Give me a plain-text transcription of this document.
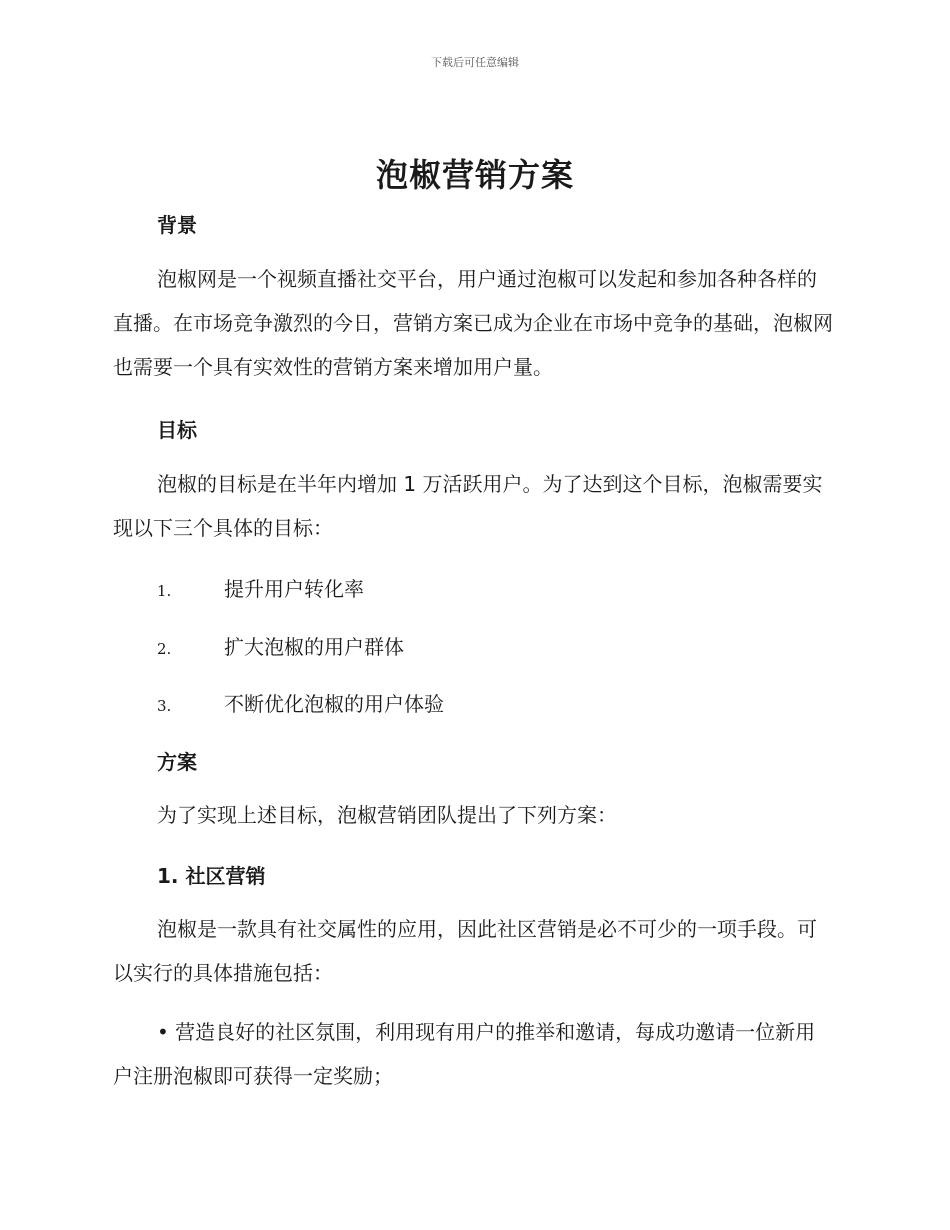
下载后可任意编辑
泡椒营销方案
背景

泡椒网是一个视频直播社交平台，用户通过泡椒可以发起和参加各种各样的直播。在市场竞争激烈的今日，营销方案已成为企业在市场中竞争的基础，泡椒网也需要一个具有实效性的营销方案来增加用户量。

目标

泡椒的目标是在半年内增加 1 万活跃用户。为了达到这个目标，泡椒需要实现以下三个具体的目标：

1.	提升用户转化率
2.	扩大泡椒的用户群体
3.	不断优化泡椒的用户体验
方案

为了实现上述目标，泡椒营销团队提出了下列方案：

1. 社区营销

泡椒是一款具有社交属性的应用，因此社区营销是必不可少的一项手段。可以实行的具体措施包括：

• 营造良好的社区氛围，利用现有用户的推举和邀请，每成功邀请一位新用户注册泡椒即可获得一定奖励；
